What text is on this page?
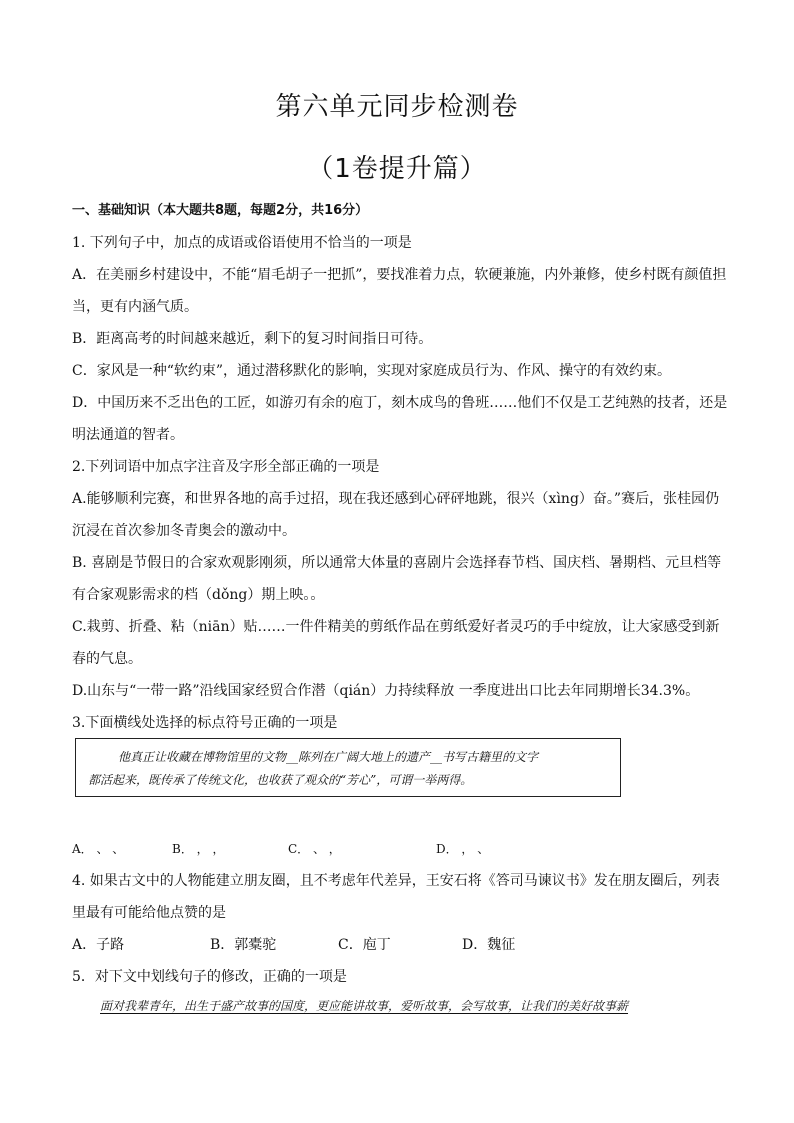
第六单元同步检测卷
（1卷提升篇）
一、基础知识（本大题共8题，每题2分，共16分）
1. 下列句子中，加点的成语或俗语使用不恰当的一项是
A．在美丽乡村建设中，不能“眉毛胡子一把抓”，要找准着力点，软硬兼施，内外兼修，使乡村既有颜值担
当，更有内涵气质。
B．距离高考的时间越来越近，剩下的复习时间指日可待。
C．家风是一种“软约束”，通过潜移默化的影响，实现对家庭成员行为、作风、操守的有效约束。
D．中国历来不乏出色的工匠，如游刃有余的庖丁，刻木成鸟的鲁班……他们不仅是工艺纯熟的技者，还是
明法通道的智者。
2.下列词语中加点字注音及字形全部正确的一项是
A.能够顺利完赛，和世界各地的高手过招，现在我还感到心砰砰地跳，很兴（xìng）奋。”赛后，张桂园仍
沉浸在首次参加冬青奥会的激动中。
B. 喜剧是节假日的合家欢观影刚须，所以通常大体量的喜剧片会选择春节档、国庆档、暑期档、元旦档等
有合家观影需求的档（dǒng）期上映。。
C.栽剪、折叠、粘（niān）贴……一件件精美的剪纸作品在剪纸爱好者灵巧的手中绽放，让大家感受到新
春的气息。
D.山东与“一带一路”沿线国家经贸合作潜（qián）力持续释放 一季度进出口比去年同期增长34.3%。
3.下面横线处选择的标点符号正确的一项是
他真正让收藏在博物馆里的文物__陈列在广阔大地上的遗产__书写古籍里的文字
都活起来，既传承了传统文化，也收获了观众的“芳心”，可谓一举两得。
A． 、 、	B． ， ，	C． 、 ，	D． ， 、
4. 如果古文中的人物能建立朋友圈，且不考虑年代差异，王安石将《答司马谏议书》发在朋友圈后，列表
里最有可能给他点赞的是
A．子路	B．郭橐驼	C．庖丁	D．魏征
5．对下文中划线句子的修改，正确的一项是
面对我辈青年，出生于盛产故事的国度，更应能讲故事，爱听故事，会写故事，让我们的美好故事薪
